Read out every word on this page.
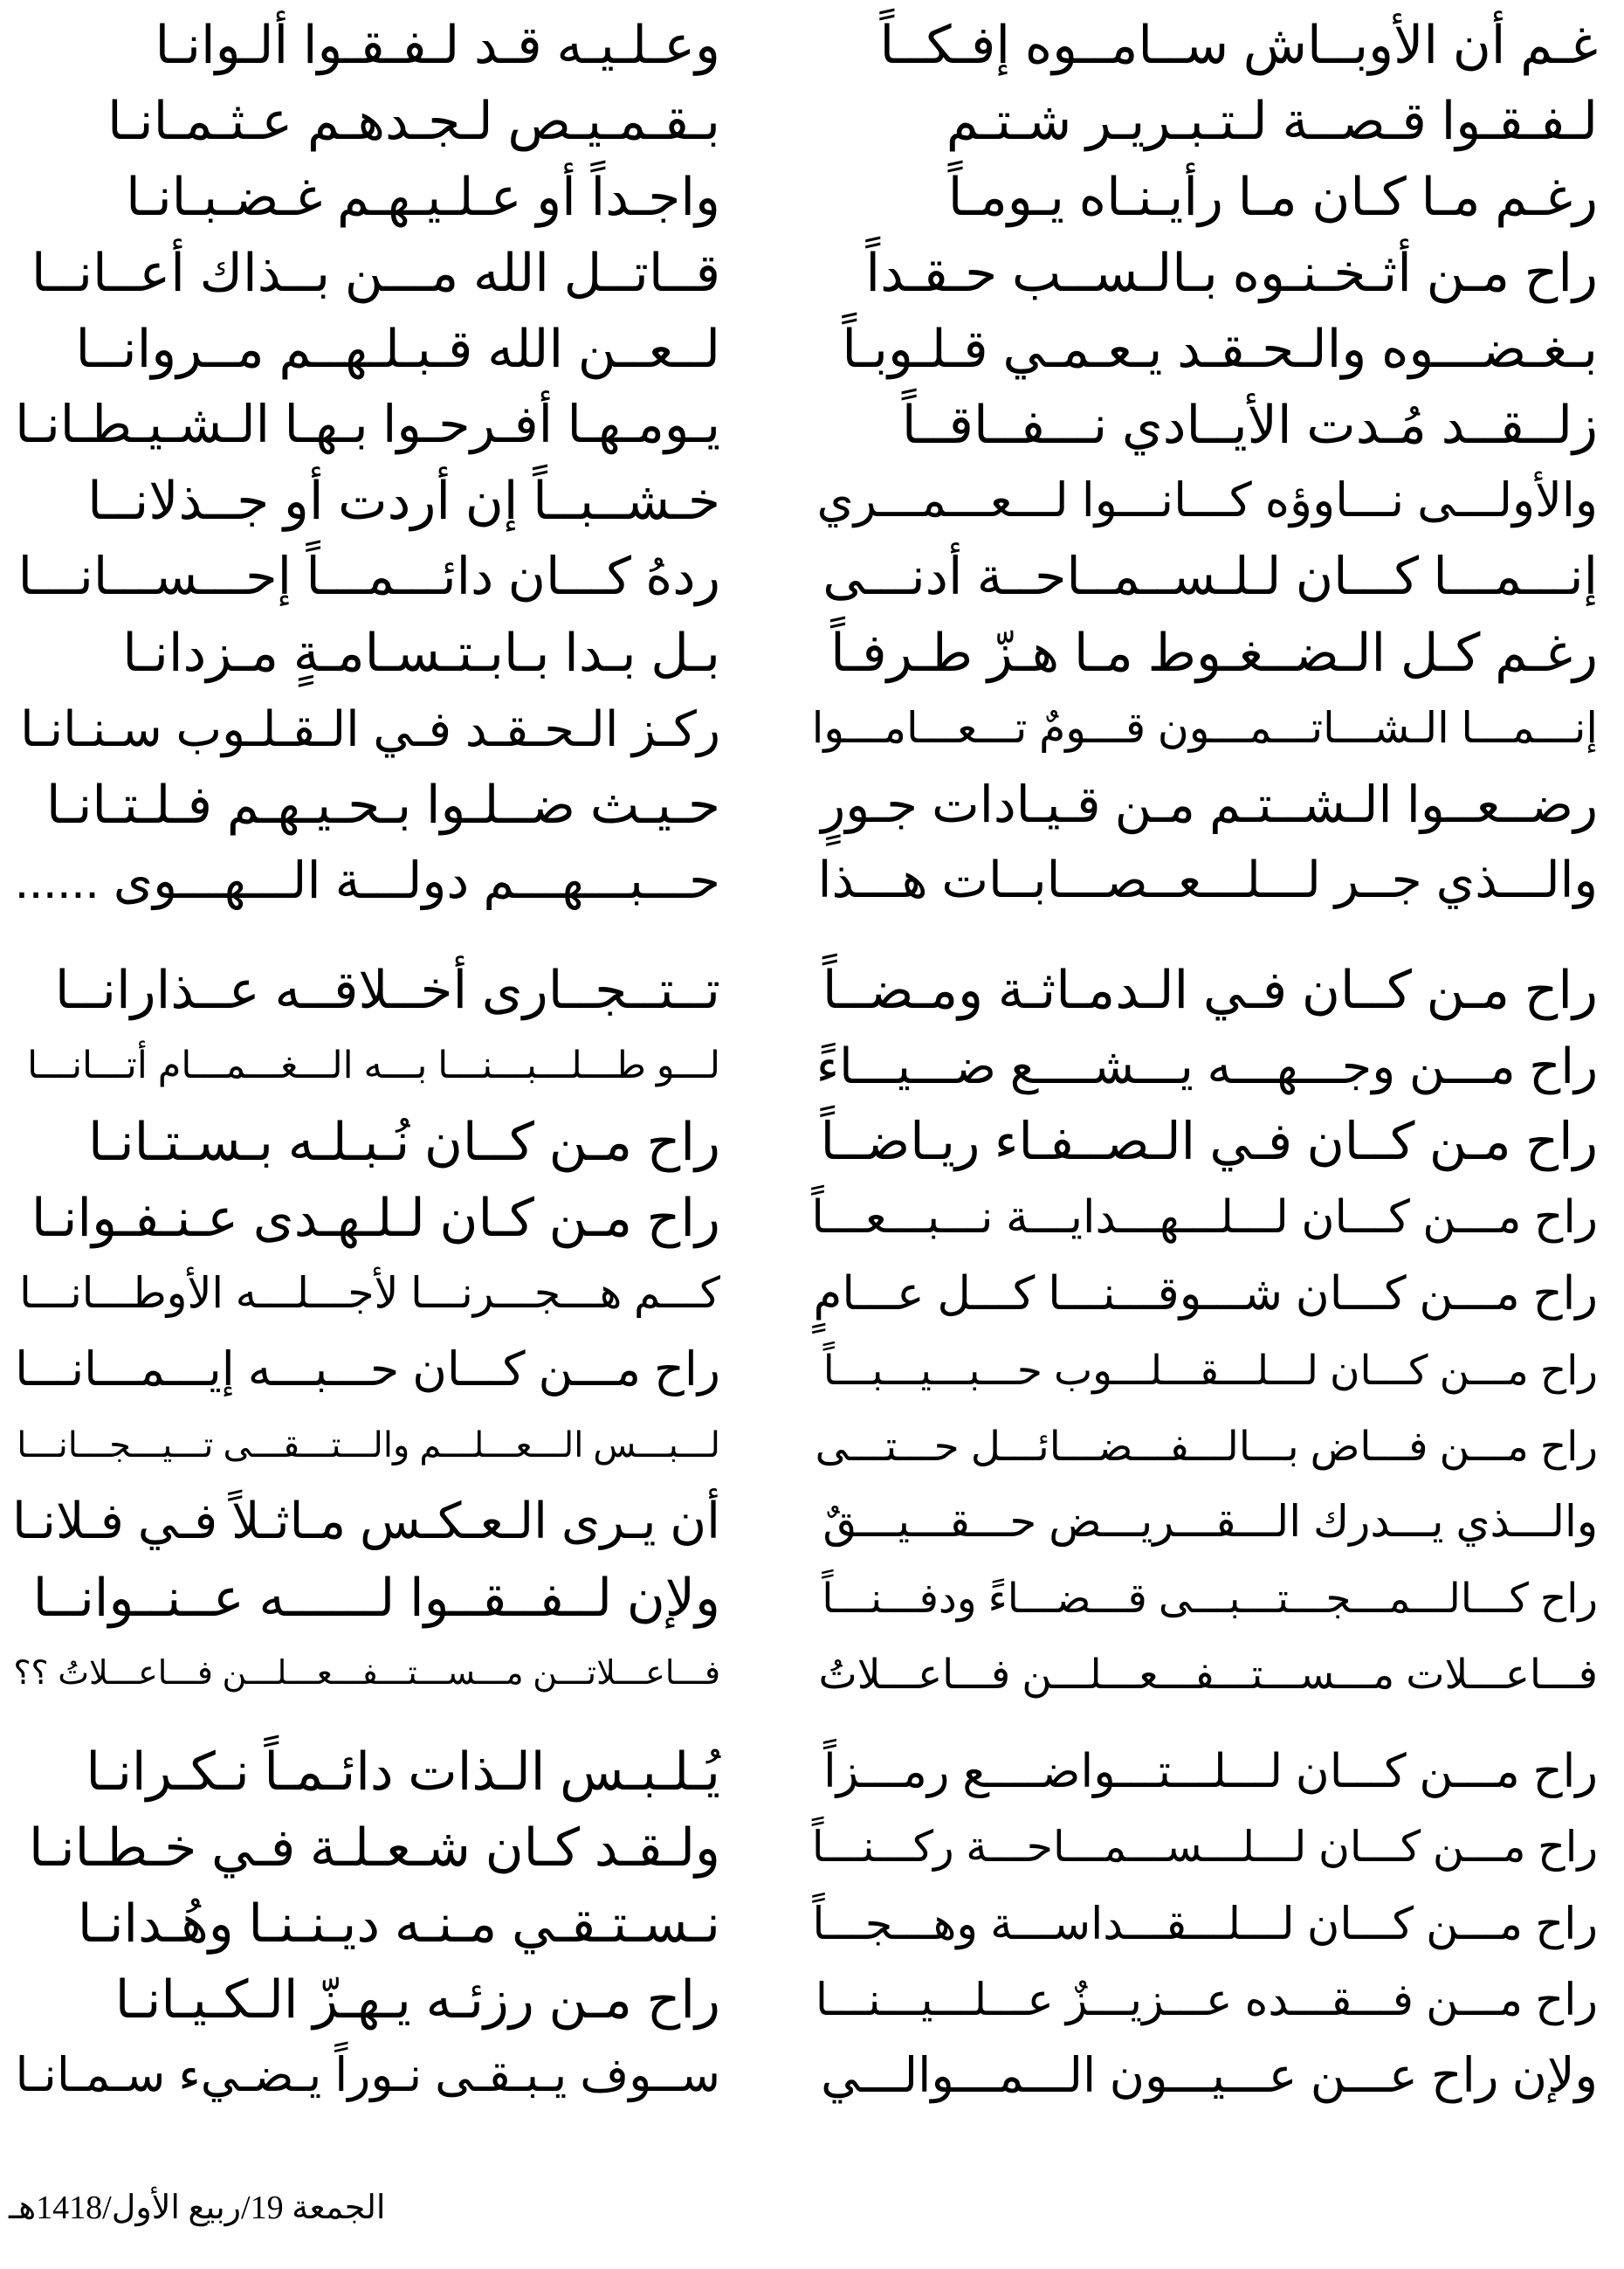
غـم أن الأوبــاش ســامــوه إفـكــاً
وعـلـيـه قـد لـفـقـوا ألـوانـا
لـفـقـوا قـصــة لـتـبـريـر شـتـم
بـقـمـيـص لـجـدهـم عـثـمـانـا
رغـم مـا كـان مـا رأيـنـاه يـومـاً
واجـداً أو عـلـيـهـم غـضـبـانـا
راح مـن أثـخـنـوه بـالـســب حـقـداً
قــاتــل الله مـــن بــذاك أعــانــا
بـغـضـــوه والـحـقـد يـعـمـي قـلـوبـاً
لــعــن الله قـبـلـهــم مــروانــا
زلــقــد مُـدت الأيــادي نـــفــاقــاً
يـومـهـا أفـرحـوا بـهـا الـشـيـطـانـا
والأولـــى نـــاوؤه كـــانـــوا لـــعـــمـــري
خـشــبــاً إن أردت أو جــذلانــا
إنـــمـــا كـــان لـلـســمــاحــة أدنـــى
ردهُ كـــان دائـــمـــاً إحـــســـانـــا
رغـم كـل الـضــغـوط مـا هـزّ طـرفـاً
بـل بـدا بـابـتـسـامـةٍ مـزدانـا
إنـــمـــا الـشـــاتـــمـــون قـــومٌ تـــعـــامـــوا
ركـز الـحـقـد فـي الـقـلـوب سـنـانـا
رضــعــوا الـشــتـم مـن قـيـادات جـورٍ
حـيـث ضــلـوا بـحـيـهـم فـلـتـانـا
والـــذي جــر لـــلـــعــصـــابــات هـــذا
حـــبـــهـــم دولـــة الـــهـــوى ......
راح مـن كــان فـي الـدمـاثـة ومـضــاً
تــتــجــارى أخــلاقــه عــذارانــا
راح مـــن وجـــهـــه يـــشــــع ضـــيـــاءً
لـــو طـــلـــبـــنـــا بـــه الـــغـــمـــام أتـــانـــا
راح مـن كــان فـي الـصــفـاء ريـاضــاً
راح مـن كــان نُـبـلـه بـسـتـانـا
راح مـــن كـــان لـــلـــهـــدايـــة نـــبـــعـــاً
راح مـن كـان لـلـهـدى عـنـفـوانـا
راح مـــن كـــان شـــوقـــنـــا كـــل عـــامٍ
كـــم هـــجـــرنـــا لأجـــلـــه الأوطـــانـــا
راح مـــن كـــان لـــلـــقـــلـــوب حـــبـــيـــبـــاً
راح مـــن كـــان حـــبـــه إيـــمـــانـــا
راح مـــن فـــاض بـــالـــفـــضـــائـــل حـــتـــى
لـــبـــس الـــعـــلـــم والـــتـــقـــى تـــيـــجـــانـــا
والـــذي يـــدرك الـــقـــريـــض حـــقـــيـــقٌ
أن يـرى الـعـكـس مـاثـلاً فـي فـلانـا
راح كـــالـــمـــجـــتـــبـــى قـــضـــاءً ودفـــنـــاً
ولإن لــفــقــوا لــــــه عــنــوانــا
فـــاعـــلات مـــســـتـــفـــعـــلـــن فـــاعـــلاتُ
فـــاعـــلاتـــن مـــســـتـــفـــعـــلـــن فـــاعـــلاتُ ؟؟
راح مـــن كـــان لـــلـــتـــواضــــع رمـــزاً
يُـلـبـس الـذات دائـمـاً نـكـرانـا
راح مـــن كـــان لـــلـــســـمـــاحـــة ركـــنـــاً
ولـقـد كـان شـعـلـة فـي خـطـانـا
راح مـــن كـــان لـــلـــقـــداســـة وهـــجـــاً
نـسـتـقـي مـنـه ديـنـنـا وهُـدانـا
راح مـــن فـــقـــده عـــزيـــزٌ عـــلـــيـــنـــا
راح مـن رزئـه يـهـزّ الـكـيـانـا
ولإن راح عـــن عـــيـــون الـــمـــوالـــي
ســوف يـبـقـى نـوراً يـضـيء سـمـانـا
الجمعة 19/ربيع الأول/1418هـ
